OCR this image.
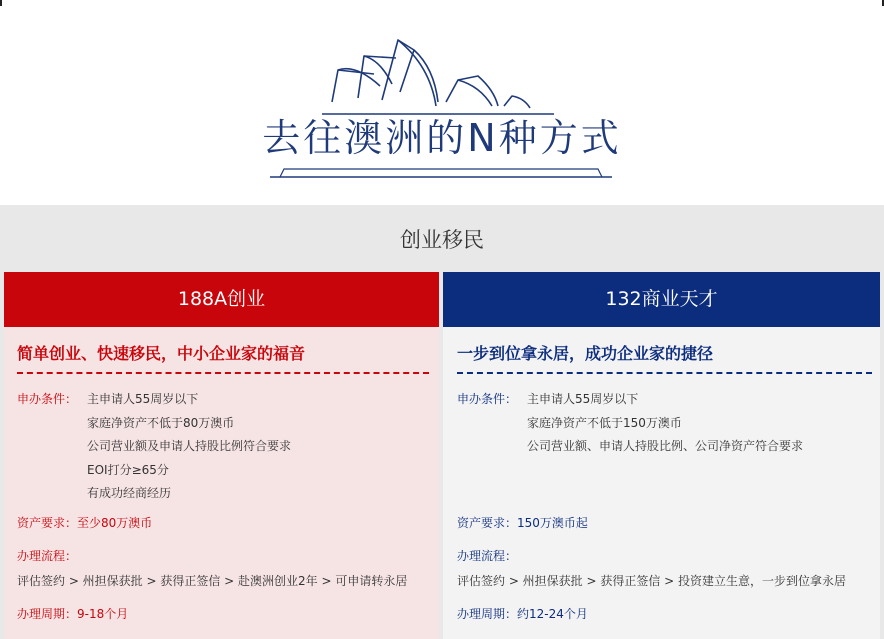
去往澳洲的N种方式
创业移民
188A创业	132商业天才
简单创业、快速移民，中小企业家的福音
申办条件： 主申请人55周岁以下
家庭净资产不低于80万澳币
公司营业额及申请人持股比例符合要求
EOI打分≥65分
有成功经商经历
资产要求：至少80万澳币
办理流程：
评估签约 > 州担保获批 > 获得正签信 > 赴澳洲创业2年 > 可申请转永居
办理周期：9-18个月
一步到位拿永居，成功企业家的捷径
申办条件： 主申请人55周岁以下
家庭净资产不低于150万澳币
公司营业额、申请人持股比例、公司净资产符合要求
资产要求：150万澳币起
办理流程：
评估签约 > 州担保获批 > 获得正签信 > 投资建立生意，一步到位拿永居
办理周期：约12-24个月
